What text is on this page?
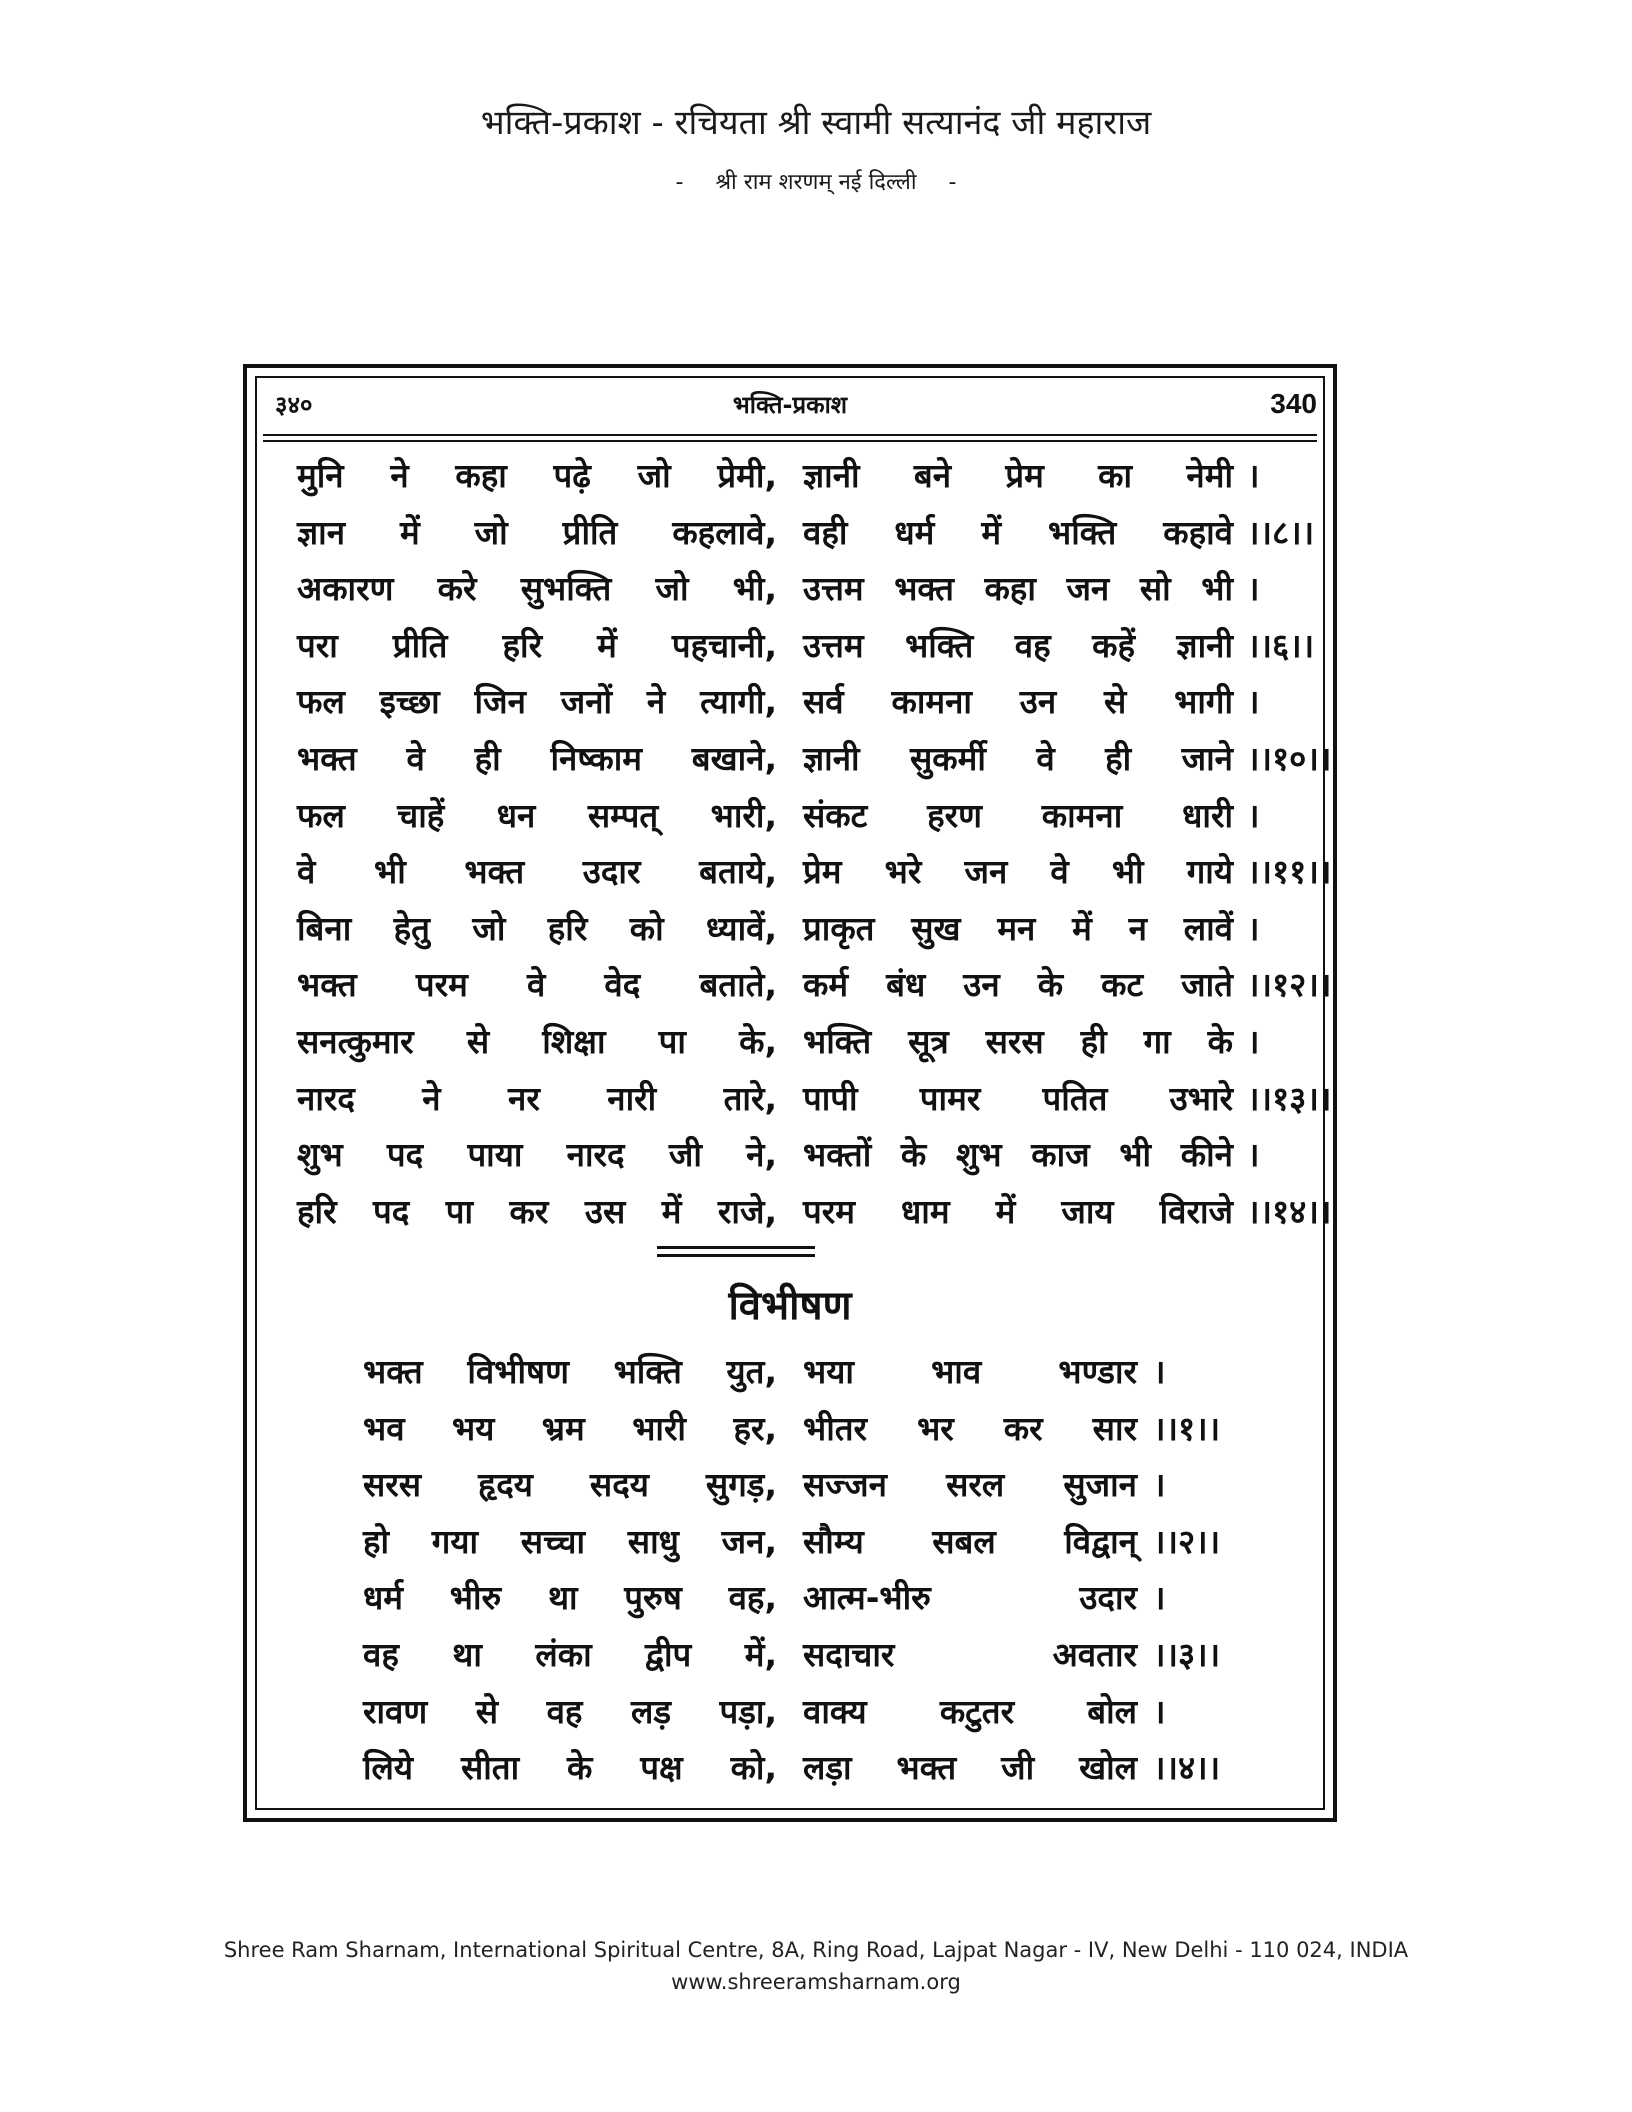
भक्ति-प्रकाश - रचियता श्री स्वामी सत्यानंद जी महाराज
- श्री राम शरणम् नई दिल्ली -
३४०	भक्ति-प्रकाश	340
मुनि ने कहा पढ़े जो प्रेमी, ज्ञानी बने प्रेम का नेमी ।
ज्ञान में जो प्रीति कहलावे, वही धर्म में भक्ति कहावे ।।८।।
अकारण करे सुभक्ति जो भी, उत्तम भक्त कहा जन सो भी ।
परा प्रीति हरि में पहचानी, उत्तम भक्ति वह कहें ज्ञानी ।।६।।
फल इच्छा जिन जनों ने त्यागी, सर्व कामना उन से भागी ।
भक्त वे ही निष्काम बखाने, ज्ञानी सुकर्मी वे ही जाने ।।१०।।
फल चाहें धन सम्पत् भारी, संकट हरण कामना धारी ।
वे भी भक्त उदार बताये, प्रेम भरे जन वे भी गाये ।।११।।
बिना हेतु जो हरि को ध्यावें, प्राकृत सुख मन में न लावें ।
भक्त परम वे वेद बताते, कर्म बंध उन के कट जाते ।।१२।।
सनत्कुमार से शिक्षा पा के, भक्ति सूत्र सरस ही गा के ।
नारद ने नर नारी तारे, पापी पामर पतित उभारे ।।१३।।
शुभ पद पाया नारद जी ने, भक्तों के शुभ काज भी कीने ।
हरि पद पा कर उस में राजे, परम धाम में जाय विराजे ।।१४।।
विभीषण
भक्त विभीषण भक्ति युत, भया भाव भण्डार ।
भव भय भ्रम भारी हर, भीतर भर कर सार ।।१।।
सरस हृदय सदय सुगड़, सज्जन सरल सुजान ।
हो गया सच्चा साधु जन, सौम्य सबल विद्वान् ।।२।।
धर्म भीरु था पुरुष वह, आत्म-भीरु उदार ।
वह था लंका द्वीप में, सदाचार अवतार ।।३।।
रावण से वह लड़ पड़ा, वाक्य कटुतर बोल ।
लिये सीता के पक्ष को, लड़ा भक्त जी खोल ।।४।।
Shree Ram Sharnam, International Spiritual Centre, 8A, Ring Road, Lajpat Nagar - IV, New Delhi - 110 024, INDIA
www.shreeramsharnam.org
